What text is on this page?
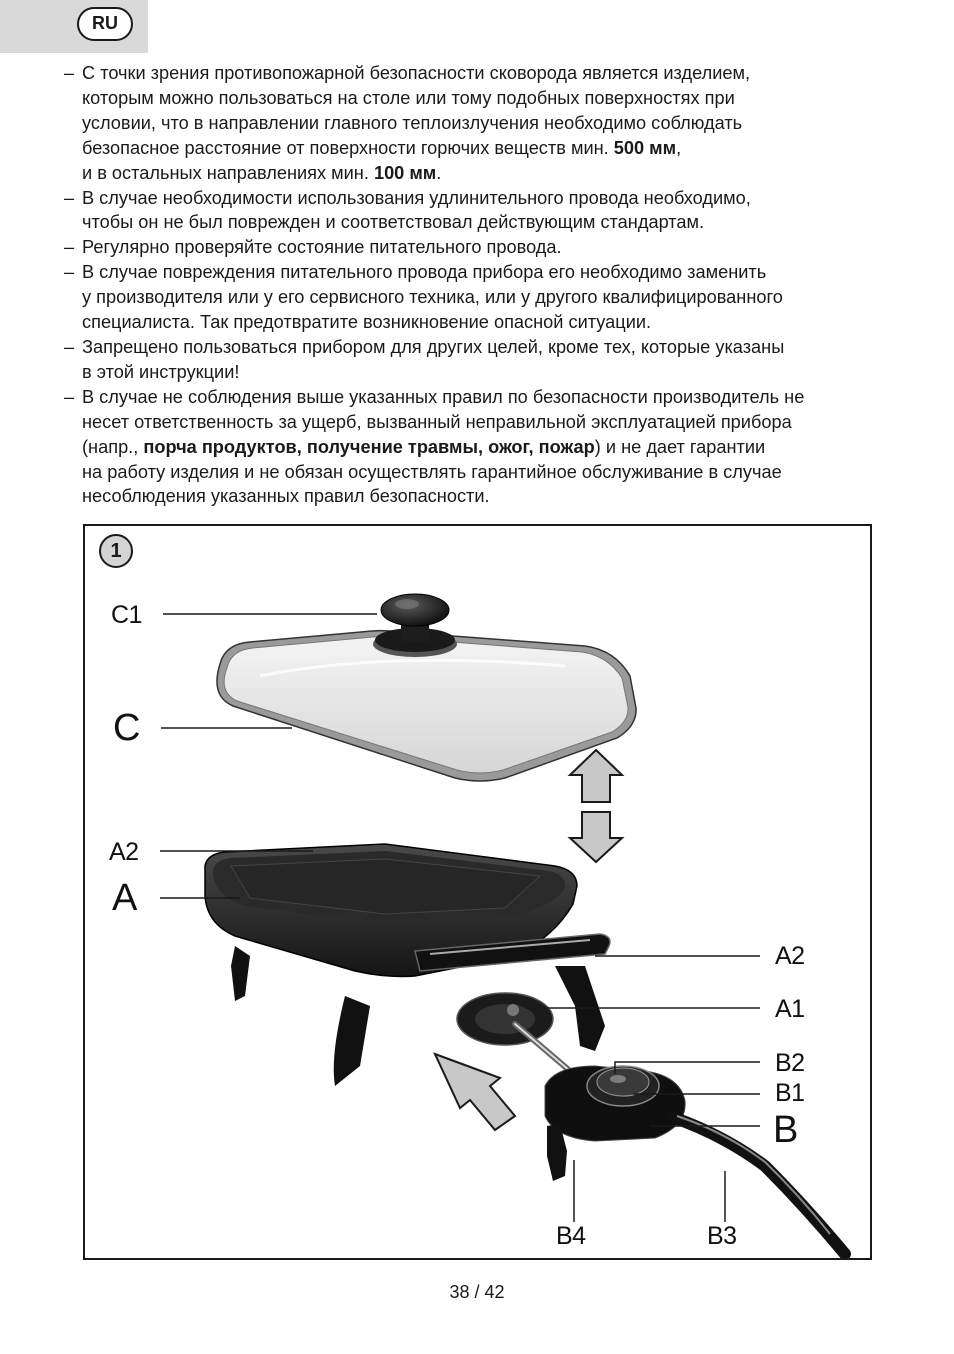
RU
– С точки зрения противопожарной безопасности сковорода является изделием,
которым можно пользоваться на столе или тому подобных поверхностях при
условии, что в направлении главного теплоизлучения необходимо соблюдать
безопасное расстояние от поверхности горючих веществ мин. 500 мм,
и в остальных направлениях мин. 100 мм.
– В случае необходимости использования удлинительного провода необходимо,
чтобы он не был поврежден и соответствовал действующим стандартам.
– Регулярно проверяйте состояние питательного провода.
– В случае повреждения питательного провода прибора его необходимо заменить
у производителя или у его сервисного техника, или у другого квалифицированного
специалиста. Так предотвратите возникновение опасной ситуации.
– Запрещено пользоваться прибором для других целей, кроме тех, которые указаны
в этой инструкции!
– В случае не соблюдения выше указанных правил по безопасности производитель не
несет ответственность за ущерб, вызванный неправильной эксплуатацией прибора
(напр., порча продуктов, получение травмы, ожог, пожар) и не дает гарантии
на работу изделия и не обязан осуществлять гарантийное обслуживание в случае
несоблюдения указанных правил безопасности.
1
C1
C
A2
A
A2
A1
B2
B1
B
B4	B3
38 / 42
